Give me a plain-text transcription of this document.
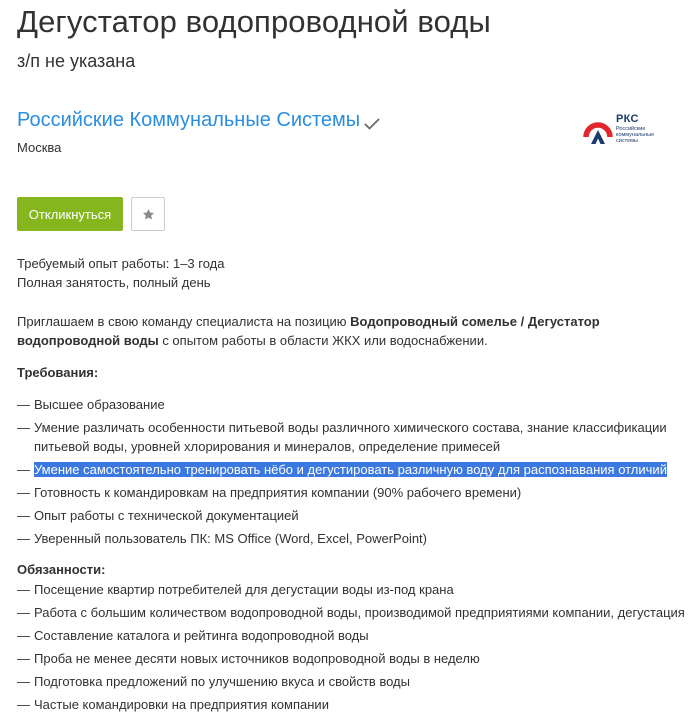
Дегустатор водопроводной воды
з/п не указана
Российские Коммунальные Системы
Москва
РКС
Российские коммунальные системы
Откликнуться
Требуемый опыт работы: 1–3 года
Полная занятость, полный день

Приглашаем в свою команду специалиста на позицию Водопроводный сомелье / Дегустатор водопроводной воды с опытом работы в области ЖКХ или водоснабжении.

Требования:

— Высшее образование
— Умение различать особенности питьевой воды различного химического состава, знание классификации питьевой воды, уровней хлорирования и минералов, определение примесей
— Умение самостоятельно тренировать нёбо и дегустировать различную воду для распознавания отличий
— Готовность к командировкам на предприятия компании (90% рабочего времени)
— Опыт работы с технической документацией
— Уверенный пользователь ПК: MS Office (Word, Excel, PowerPoint)

Обязанности:

— Посещение квартир потребителей для дегустации воды из-под крана
— Работа с большим количеством водопроводной воды, производимой предприятиями компании, дегустация
— Составление каталога и рейтинга водопроводной воды
— Проба не менее десяти новых источников водопроводной воды в неделю
— Подготовка предложений по улучшению вкуса и свойств воды
— Частые командировки на предприятия компании
